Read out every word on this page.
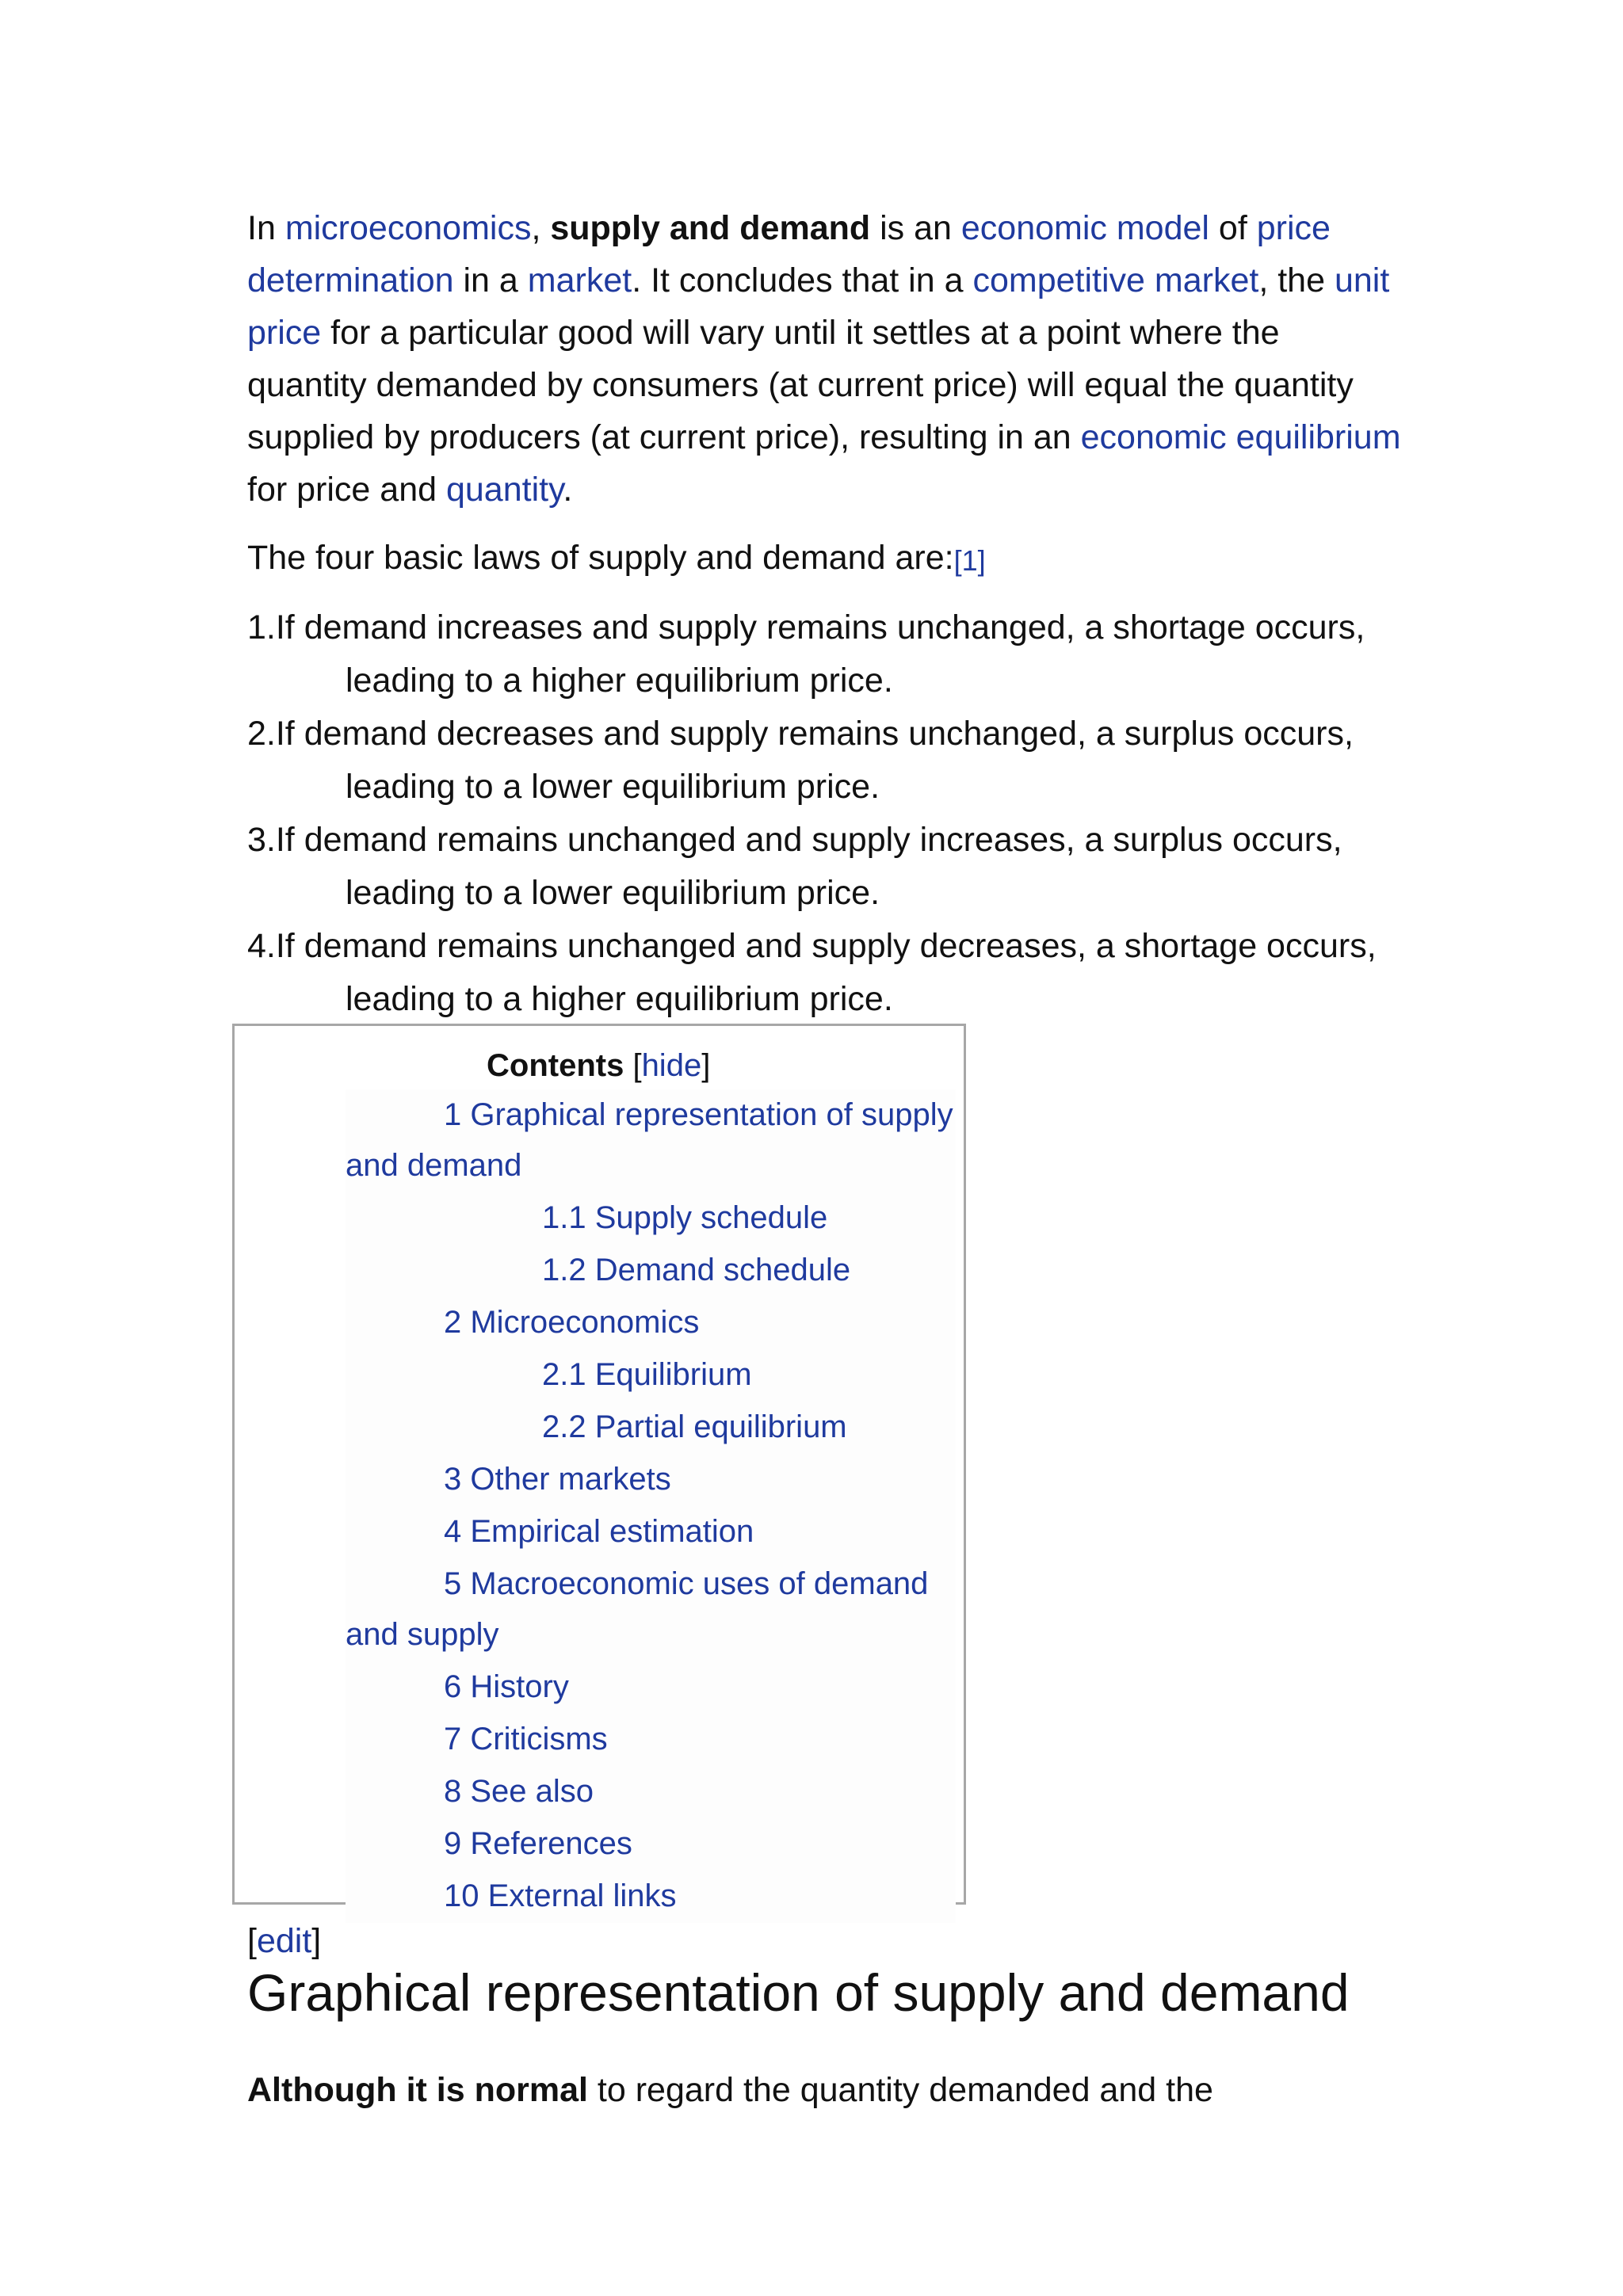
In microeconomics, supply and demand is an economic model of price determination in a market. It concludes that in a competitive market, the unit price for a particular good will vary until it settles at a point where the quantity demanded by consumers (at current price) will equal the quantity supplied by producers (at current price), resulting in an economic equilibrium for price and quantity.

The four basic laws of supply and demand are:[1]

1.If demand increases and supply remains unchanged, a shortage occurs, leading to a higher equilibrium price.
2.If demand decreases and supply remains unchanged, a surplus occurs, leading to a lower equilibrium price.
3.If demand remains unchanged and supply increases, a surplus occurs, leading to a lower equilibrium price.
4.If demand remains unchanged and supply decreases, a shortage occurs, leading to a higher equilibrium price.
Contents [hide]
1 Graphical representation of supply and demand
1.1 Supply schedule
1.2 Demand schedule
2 Microeconomics
2.1 Equilibrium
2.2 Partial equilibrium
3 Other markets
4 Empirical estimation
5 Macroeconomic uses of demand and supply
6 History
7 Criticisms
8 See also
9 References
10 External links
[edit]
Graphical representation of supply and demand

Although it is normal to regard the quantity demanded and the
